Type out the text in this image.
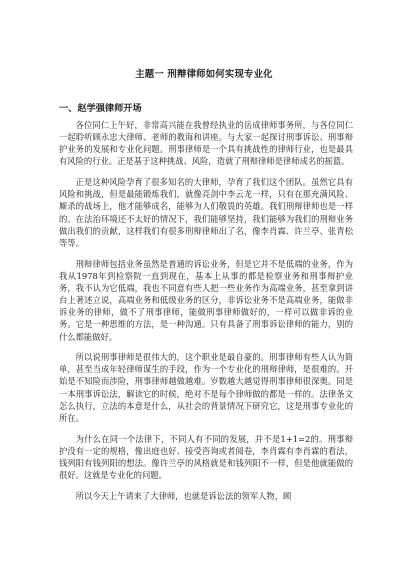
主题一 刑辩律师如何实现专业化
一、赵学强律师开场

各位同仁上午好，非常高兴能在我曾经执业的岳成律师事务所，与各位同仁一起聆听顾永忠大律师、老师的教诲和讲座。与大家一起探讨刑事诉讼、刑事辩护业务的发展和专业化问题。刑事律师是一个具有挑战性的律师行业，也是最具有风险的行业。正是基于这种挑战、风险，造就了刑辩律师是律师成名的摇篮。

正是这种风险孕育了很多知名的大律师，孕育了我们这个团队。虽然它具有风险和挑战，但是最能锻炼我们，就像亮剑中李云龙一样，只有在那充满风险、厮杀的战场上，他才能够成名，能够为人们敬畏的英雄。我们刑辩律师也是一样的。在法治环境还不太好的情况下，我们能够坚持，我们能够为我们的刑辩业务做出我们的贡献，这样我们有很多刑辩律师出了名，像李肖霖、许兰亭、张青松等等。

刑辩律师包括业务虽然是普通的诉讼业务，但是它并不是低端的业务，作为我从1978年到检察院一直到现在，基本上从事的都是检察业务和刑事辩护业务，我不认为它低端，我也不同意有些人把一些业务作为高端业务，甚至拿到讲台上著述立说，高端业务和低级业务的区分，非诉讼业务不是高端业务，能做非诉业务的律师，做不了刑事律师，能做刑事律师做好的，一样可以做非诉的业务。它是一种思维的方法，是一种沟通。只有具备了刑事诉讼律师的能力，别的什么都能做好。

所以说刑事律师是很伟大的，这个职业是最自豪的。刑事律师有些人认为简单，甚至当成年轻律师谋生的手段，作为一个专业化的刑辩律师，是很难的。开始是不知险而涉险，刑事律师越做越难。岁数越大越觉得刑事律师很深奥。同是一本刑事诉讼法，解读它的时候，绝对不是每个律师做的都是一样的。法律条文怎么执行，立法的本意是什么，从社会的背景情况下研究它，这是刑事专业化的所在。

为什么在同一个法律下，不同人有不同的发展，并不是1+1=2的。刑事辩护没有一定的规格，像出庭也好、接受咨询或者阅卷，李肖霖有李肖霖的看法，钱列阳有钱列阳的想法。像许兰亭的风格就是和钱列阳不一样，但是他就能做的很好。这就是专业化的问题。

所以今天上午请来了大律师，也就是诉讼法的领军人物，顾
